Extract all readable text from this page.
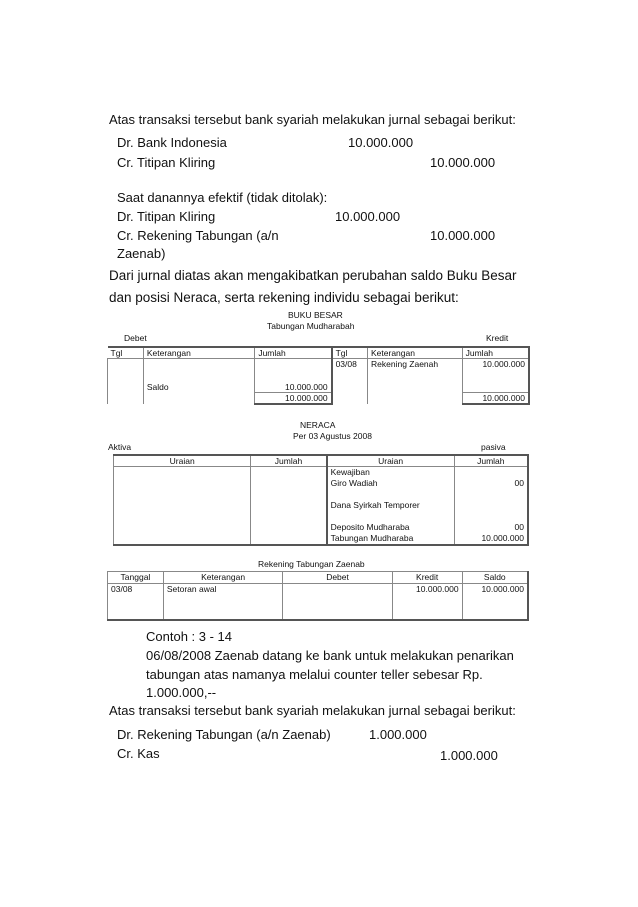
Atas transaksi tersebut bank syariah melakukan jurnal sebagai berikut:
Dr. Bank Indonesia	10.000.000
Cr. Titipan Kliring	10.000.000
Saat danannya efektif (tidak ditolak):
Dr. Titipan Kliring	10.000.000
Cr. Rekening Tabungan (a/n	10.000.000
Zaenab)
Dari jurnal diatas akan mengakibatkan perubahan saldo Buku Besar
dan posisi Neraca, serta rekening individu sebagai berikut:
BUKU BESAR
Tabungan Mudharabah
Debet	Kredit
Tgl	Keterangan	Jumlah	Tgl	Keterangan	Jumlah
			03/08	Rekening Zaenah	10.000.000
	Saldo	10.000.000			
		10.000.000			10.000.000
NERACA
Per 03 Agustus 2008
Aktiva	pasiva
Uraian	Jumlah	Uraian	Jumlah
		Kewajiban	
		Giro Wadiah	00

		Dana Syirkah Temporer	

		Deposito Mudharaba	00
		Tabungan Mudharaba	10.000.000

Rekening Tabungan Zaenab
Tanggal	Keterangan	Debet	Kredit	Saldo
03/08	Setoran awal		10.000.000	10.000.000
Contoh : 3 - 14
06/08/2008 Zaenab datang ke bank untuk melakukan penarikan
tabungan atas namanya melalui counter teller sebesar Rp.
1.000.000,--
Atas transaksi tersebut bank syariah melakukan jurnal sebagai berikut:
Dr. Rekening Tabungan (a/n Zaenab)	1.000.000
Cr. Kas	1.000.000
